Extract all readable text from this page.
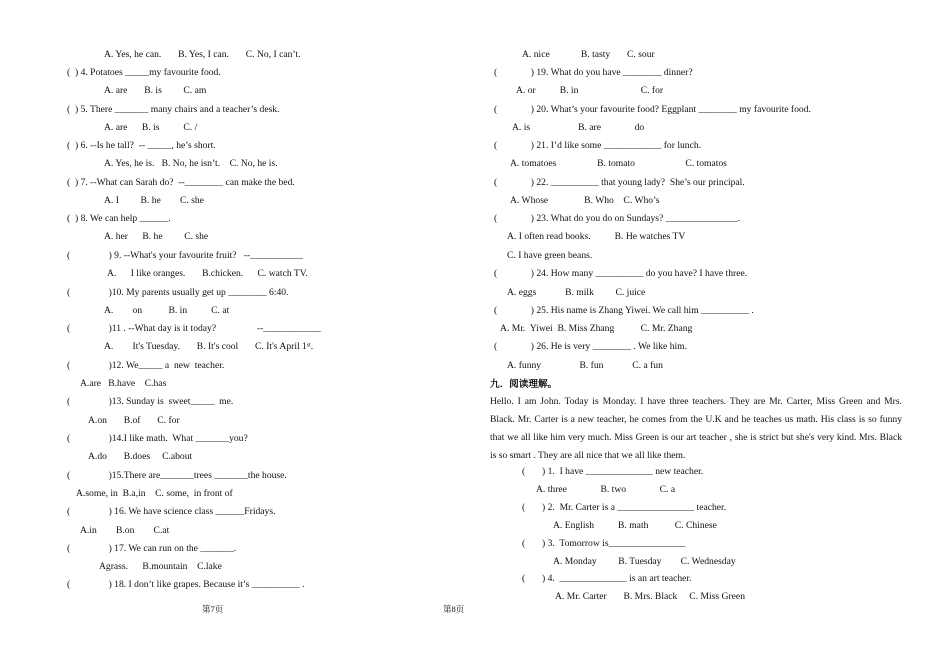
A. Yes, he can.       B. Yes, I can.       C. No, I can’t.
(  ) 4. Potatoes _____my favourite food.
A. are       B. is         C. am
(  ) 5. There _______ many chairs and a teacher’s desk.
A. are      B. is          C. /
(  ) 6. --Is he tall?  -- _____, he’s short.
A. Yes, he is.   B. No, he isn’t.    C. No, he is.
(  ) 7. --What can Sarah do?  --________ can make the bed.
A. I         B. he        C. she
(  ) 8. We can help ______.
A. her      B. he         C. she
(                ) 9. --What's your favourite fruit?   --___________
A.      I like oranges.       B.chicken.      C. watch TV.
(                )10. My parents usually get up ________ 6:40.
A.        on           B. in          C. at
(                )11 . --What day is it today?                 --____________
A.        It's Tuesday.       B. It's cool       C. It's April 1ˢᵗ.
(                )12. We_____ a  new  teacher.
A.are   B.have    C.has
(                )13. Sunday is  sweet_____  me.
A.on       B.of       C. for
(                )14.I like math.  What _______you?
A.do       B.does     C.about
(                )15.There are_______trees _______the house.
A.some, in  B.a,in    C. some,  in front of
(                ) 16. We have science class ______Fridays.
A.in        B.on        C.at
(                ) 17. We can run on the _______.
Agrass.      B.mountain    C.lake
(                ) 18. I don’t like grapes. Because it’s __________ .
A. nice             B. tasty       C. sour
(              ) 19. What do you have ________ dinner?
A. or          B. in                          C. for
(              ) 20. What’s your favourite food? Eggplant ________ my favourite food.
A. is                    B. are              do
(              ) 21. I’d like some ____________ for lunch.
A. tomatoes                 B. tomato                     C. tomatos
(              ) 22. __________ that young lady?  She’s our principal.
A. Whose               B. Who    C. Who’s
(              ) 23. What do you do on Sundays? _______________.
A. I often read books.          B. He watches TV
C. I have green beans.
(              ) 24. How many __________ do you have? I have three.
A. eggs            B. milk         C. juice
(              ) 25. His name is Zhang Yiwei. We call him __________ .
A. Mr.  Yiwei  B. Miss Zhang           C. Mr. Zhang
(              ) 26. He is very ________ . We like him.
A. funny                B. fun            C. a fun
九．阅读理解。
Hello. I am John. Today is Monday. I have three teachers. They are Mr. Carter, Miss Green and Mrs. Black. Mr. Carter is a new teacher, he comes from the U.K and he teaches us math. His class is so funny that we all like him very much. Miss Green is our art teacher , she is strict but she's very kind. Mrs. Black is so smart . They are all nice that we all like them.
(       ) 1.  I have ______________ new teacher.
A. three              B. two              C. a
(       ) 2.  Mr. Carter is a ________________ teacher.
A. English          B. math           C. Chinese
(       ) 3.  Tomorrow is________________
A. Monday         B. Tuesday        C. Wednesday
(       ) 4.  ______________ is an art teacher.
A. Mr. Carter       B. Mrs. Black     C. Miss Green
第7页	第8页
